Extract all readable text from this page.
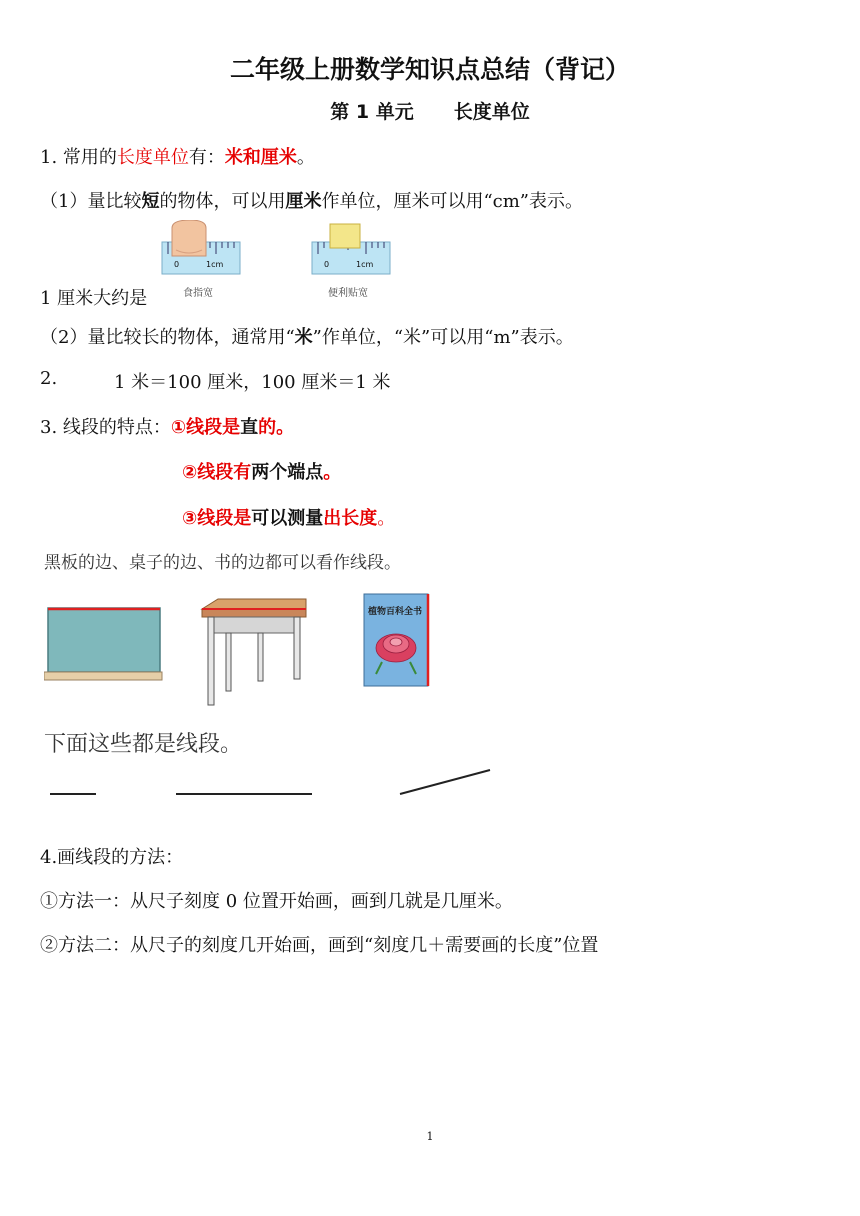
二年级上册数学知识点总结（背记）
第 1 单元 长度单位
1. 常用的长度单位有：米和厘米。
（1）量比较短的物体，可以用厘米作单位，厘米可以用“cm”表示。
0	1cm
食指宽
0	1cm
便利贴宽
1 厘米大约是
（2）量比较长的物体，通常用“米”作单位，“米”可以用“m”表示。
2.	1 米＝100 厘米，100 厘米＝1 米
3. 线段的特点：①线段是直的。
②线段有两个端点。
③线段是可以测量出长度。
黑板的边、桌子的边、书的边都可以看作线段。
植物百科全书
下面这些都是线段。
4.画线段的方法：
①方法一：从尺子刻度 0 位置开始画，画到几就是几厘米。
②方法二：从尺子的刻度几开始画，画到“刻度几＋需要画的长度”位置
1
